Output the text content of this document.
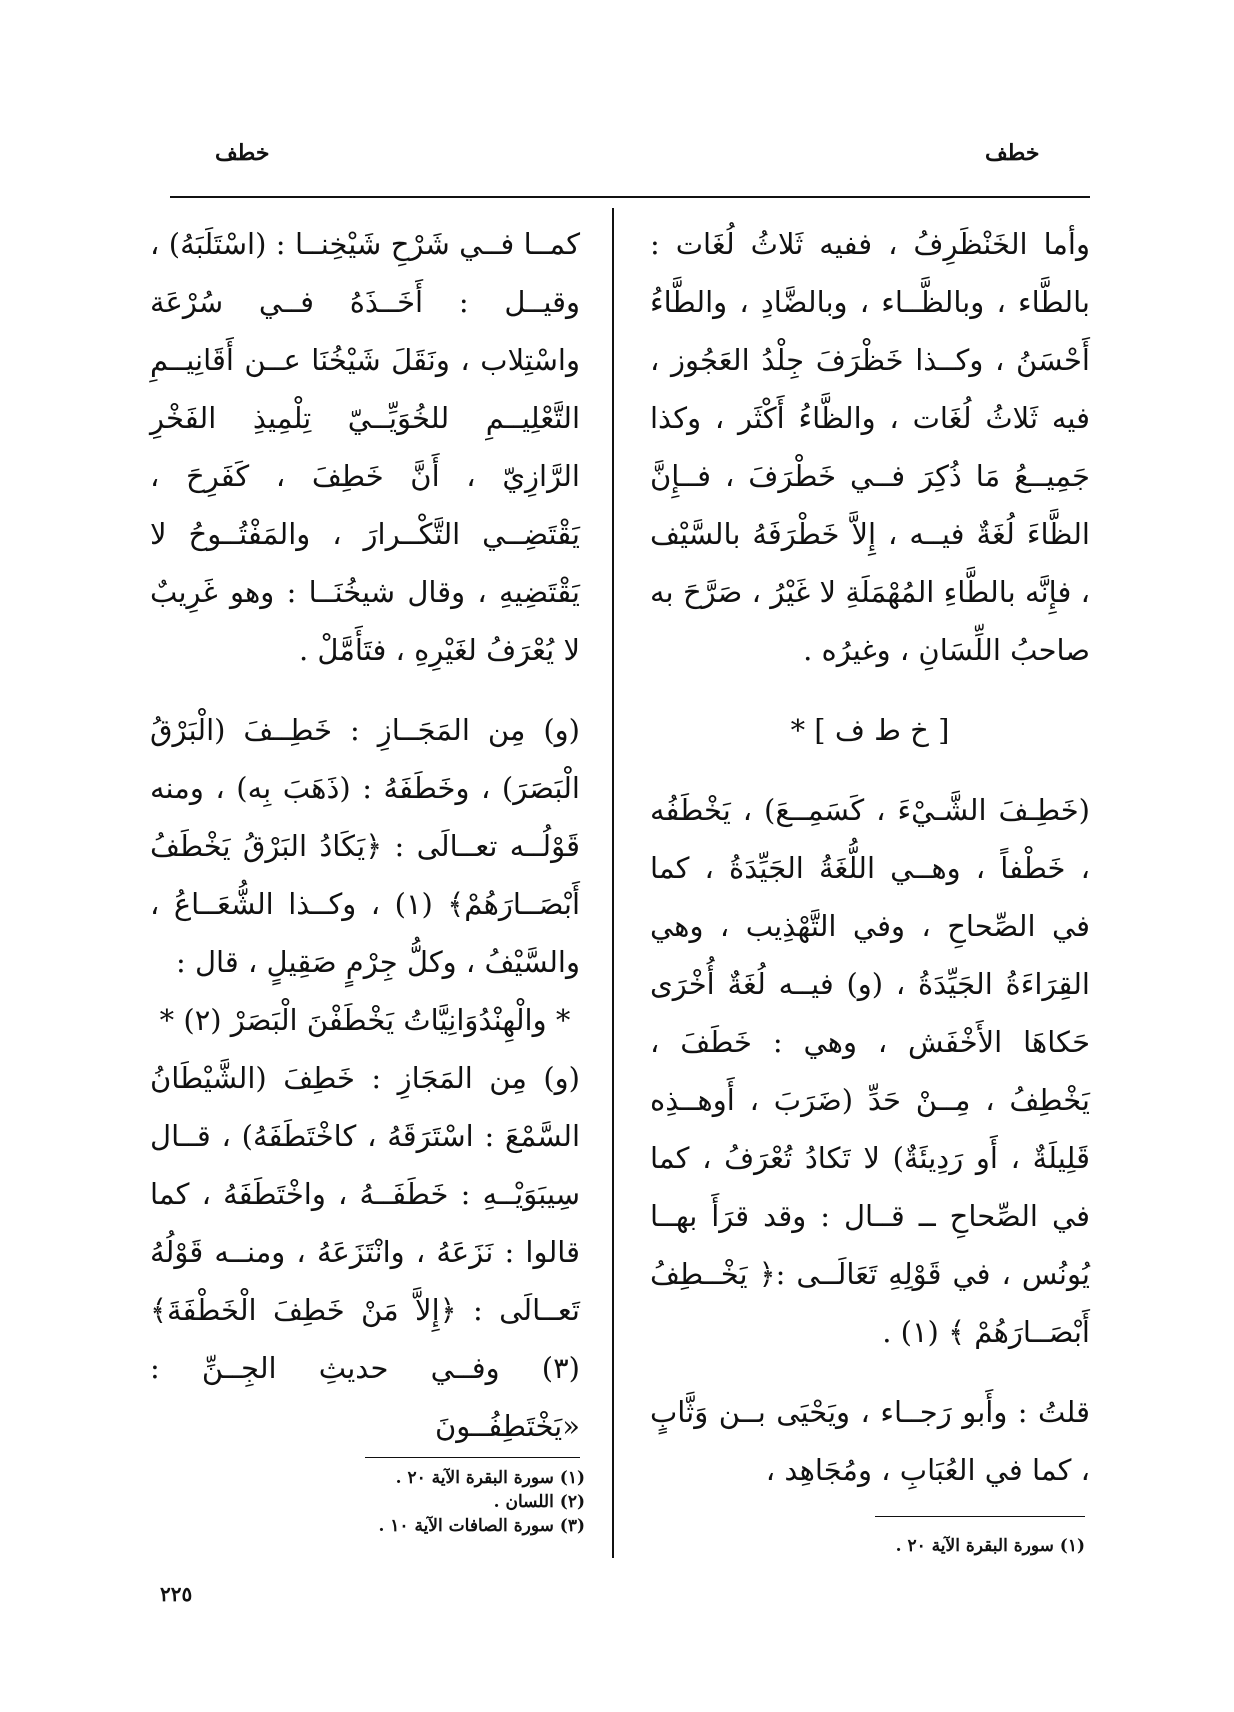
خطف	خطف

وأما الخَنْظَرِفُ ، ففيه ثَلاثُ لُغَات : بالطَّاء ، وبالظَّــاء ، وبالضَّادِ ، والطَّاءُ أَحْسَنُ ، وكــذا خَظْرَفَ جِلْدُ العَجُوز ، فيه ثَلاثُ لُغَات ، والظَّاءُ أَكْثَر ، وكذا جَمِيــعُ مَا ذُكِرَ فــي خَطْرَفَ ، فــإِنَّ الظَّاءَ لُغَةٌ فيــه ، إِلاَّ خَطْرَفَهُ بالسَّيْف ، فإِنَّه بالطَّاءِ المُهْمَلَةِ لا غَيْرُ ، صَرَّحَ به صاحبُ اللِّسَانِ ، وغيرُه .

[ خ ط ف ] *

(خَطِـفَ الشَّـيْءَ ، كَسَمِــعَ) ، يَخْطَفُه ، خَطْفاً ، وهــي اللُّغَةُ الجَيِّدَةُ ، كما في الصِّحاحِ ، وفي التَّهْذِيب ، وهي القِرَاءَةُ الجَيِّدَةُ ، (و) فيــه لُغَةٌ أُخْرَى حَكاهَا الأَخْفَش ، وهي : خَطَفَ ، يَخْطِفُ ، مِــنْ حَدِّ (ضَرَبَ ، أَوهــذِه قَلِيلَةٌ ، أَو رَدِيئَةٌ) لا تَكادُ تُعْرَفُ ، كما في الصِّحاحِ ــ قــال : وقد قرَأَ بهــا يُونُس ، في قَوْلِهِ تَعَالَــى :﴿ يَخْــطِفُ أَبْصَــارَهُمْ ﴾ (١) .

قلتُ : وأَبو رَجــاء ، ويَحْيَى بــن وَثَّابٍ ، كما في العُبَابِ ، ومُجَاهِد ،

كمــا فــي شَرْحِ شَيْخِنــا : (اسْتَلَبَهُ) ، وقيــل : أَخَــذَهُ فــي سُرْعَة واسْتِلاب ، ونَقَلَ شَيْخُنَا عــن أَقَانِيــمِ التَّعْلِيــمِ للخُوَيِّــيّ تِلْمِيذِ الفَخْرِ الرَّازِيّ ، أَنَّ خَطِفَ ، كَفَرِحَ ، يَقْتَضِــي التَّكْــرارَ ، والمَفْتُــوحُ لا يَقْتَضِيهِ ، وقال شيخُنَــا : وهو غَرِيبٌ لا يُعْرَفُ لغَيْرِهِ ، فتَأَمَّلْ .

(و) مِن المَجَــازِ : خَطِــفَ (الْبَرْقُ الْبَصَرَ) ، وخَطَفَهُ : (ذَهَبَ بِه) ، ومنه قَوْلُــه تعــالَى : ﴿يَكَادُ البَرْقُ يَخْطَفُ أَبْصَــارَهُمْ﴾ (١) ، وكــذا الشُّعَــاعُ ، والسَّيْفُ ، وكلُّ جِرْمٍ صَقِيلٍ ، قال :

* والْهِنْدُوَانِيَّاتُ يَخْطَفْنَ الْبَصَرْ (٢) *

(و) مِن المَجَازِ : خَطِفَ (الشَّيْطَانُ السَّمْعَ : اسْتَرَقَهُ ، كاخْتَطَفَهُ) ، قــال سِيبَوَيْــهِ : خَطَفَــهُ ، واخْتَطَفَهُ ، كما قالوا : نَزَعَهُ ، وانْتَزَعَهُ ، ومنــه قَوْلُهُ تَعــالَى : ﴿إِلاَّ مَنْ خَطِفَ الْخَطْفَةَ﴾ (٣) وفــي حديثِ الجِــنِّ : «يَخْتَطِفُــونَ

(١) سورة البقرة الآية ٢٠ .

(٢) اللسان .

(٣) سورة الصافات الآية ١٠ .

(١) سورة البقرة الآية ٢٠ .

٢٢٥
